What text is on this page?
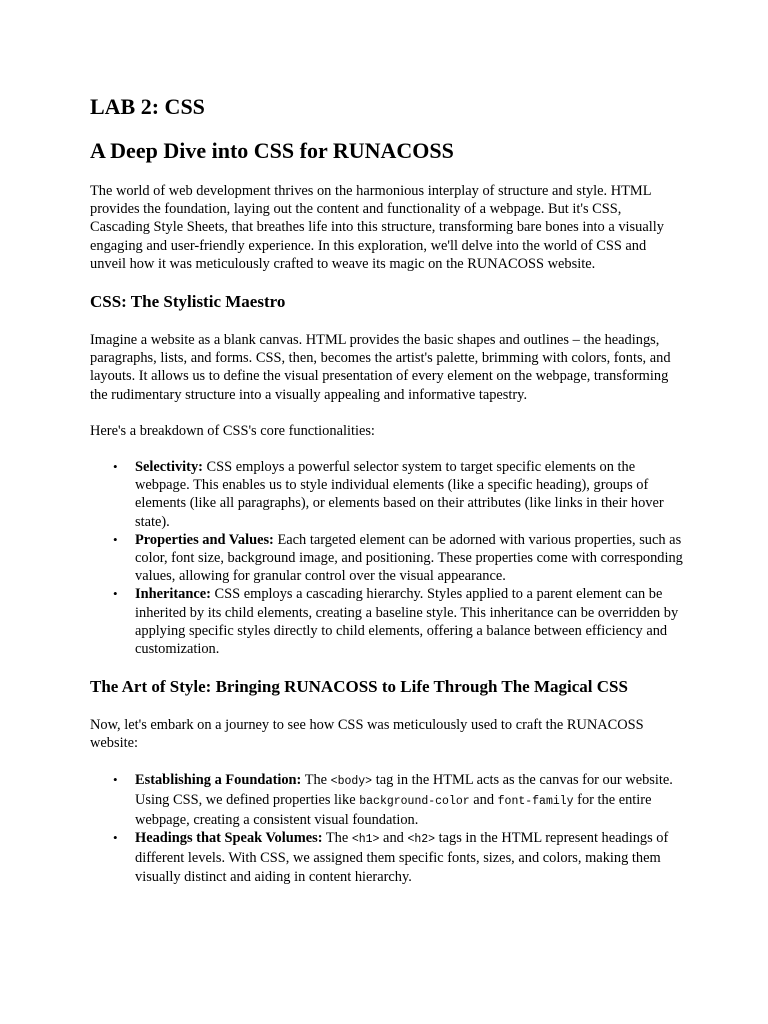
LAB 2: CSS
A Deep Dive into CSS for RUNACOSS

The world of web development thrives on the harmonious interplay of structure and style. HTML provides the foundation, laying out the content and functionality of a webpage. But it's CSS, Cascading Style Sheets, that breathes life into this structure, transforming bare bones into a visually engaging and user-friendly experience. In this exploration, we'll delve into the world of CSS and unveil how it was meticulously crafted to weave its magic on the RUNACOSS website.

CSS: The Stylistic Maestro

Imagine a website as a blank canvas. HTML provides the basic shapes and outlines – the headings, paragraphs, lists, and forms. CSS, then, becomes the artist's palette, brimming with colors, fonts, and layouts. It allows us to define the visual presentation of every element on the webpage, transforming the rudimentary structure into a visually appealing and informative tapestry.

Here's a breakdown of CSS's core functionalities:

• Selectivity: CSS employs a powerful selector system to target specific elements on the webpage. This enables us to style individual elements (like a specific heading), groups of elements (like all paragraphs), or elements based on their attributes (like links in their hover state).
• Properties and Values: Each targeted element can be adorned with various properties, such as color, font size, background image, and positioning. These properties come with corresponding values, allowing for granular control over the visual appearance.
• Inheritance: CSS employs a cascading hierarchy. Styles applied to a parent element can be inherited by its child elements, creating a baseline style. This inheritance can be overridden by applying specific styles directly to child elements, offering a balance between efficiency and customization.
The Art of Style: Bringing RUNACOSS to Life Through The Magical CSS

Now, let's embark on a journey to see how CSS was meticulously used to craft the RUNACOSS website:

• Establishing a Foundation: The <body> tag in the HTML acts as the canvas for our website. Using CSS, we defined properties like background-color and font-family for the entire webpage, creating a consistent visual foundation.
• Headings that Speak Volumes: The <h1> and <h2> tags in the HTML represent headings of different levels. With CSS, we assigned them specific fonts, sizes, and colors, making them visually distinct and aiding in content hierarchy.
